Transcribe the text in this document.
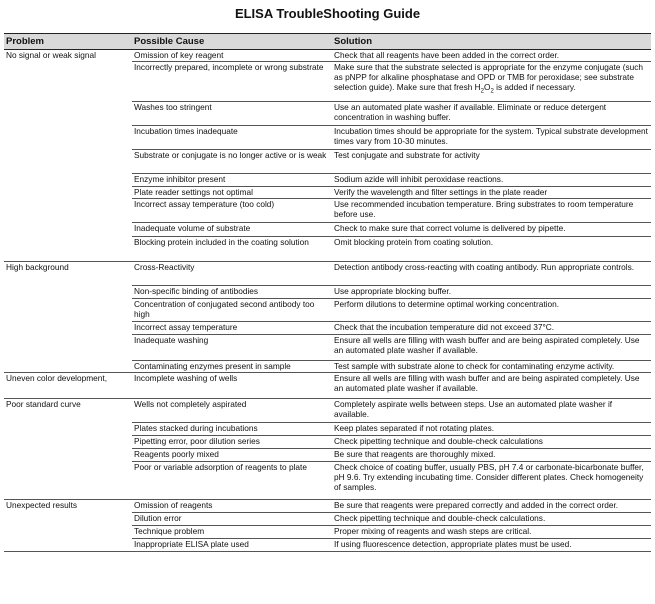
ELISA TroubleShooting Guide
Problem	Possible Cause	Solution
No signal or weak signal	Omission of key reagent	Check that all reagents have been added in the correct order.
	Incorrectly prepared, incomplete or wrong substrate	Make sure that the substrate selected is appropriate for the enzyme conjugate (such as pNPP for alkaline phosphatase and OPD or TMB for peroxidase; see substrate selection guide). Make sure that fresh $H_2O_2$ is added if necessary.
	Washes too stringent	Use an automated plate washer if available. Eliminate or reduce detergent concentration in washing buffer.
	Incubation times inadequate	Incubation times should be appropriate for the system. Typical substrate development times vary from 10-30 minutes.
	Substrate or conjugate is no longer active or is weak	Test conjugate and substrate for activity
	Enzyme inhibitor present	Sodium azide will inhibit peroxidase reactions.
	Plate reader settings not optimal	Verify the wavelength and filter settings in the plate reader
	Incorrect assay temperature (too cold)	Use recommended incubation temperature. Bring substrates to room temperature before use.
	Inadequate volume of substrate	Check to make sure that correct volume is delivered by pipette.
	Blocking protein included in the coating solution	Omit blocking protein from coating solution.
High background	Cross-Reactivity	Detection antibody cross-reacting with coating antibody. Run appropriate controls.
	Non-specific binding of antibodies	Use appropriate blocking buffer.
	Concentration of conjugated second antibody too high	Perform dilutions to determine optimal working concentration.
	Incorrect assay temperature	Check that the incubation temperature did not exceed 37°C.
	Inadequate washing	Ensure all wells are filling with wash buffer and are being aspirated completely. Use an automated plate washer if available.
	Contaminating enzymes present in sample	Test sample with substrate alone to check for contaminating enzyme activity.
Uneven color development,	Incomplete washing of wells	Ensure all wells are filling with wash buffer and are being aspirated completely. Use an automated plate washer if available.
Poor standard curve	Wells not completely aspirated	Completely aspirate wells between steps. Use an automated plate washer if available.
	Plates stacked during incubations	Keep plates separated if not rotating plates.
	Pipetting error, poor dilution series	Check pipetting technique and double-check calculations
	Reagents poorly mixed	Be sure that reagents are thoroughly mixed.
	Poor or variable adsorption of reagents to plate	Check choice of coating buffer, usually PBS, pH 7.4 or carbonate-bicarbonate buffer, pH 9.6. Try extending incubating time. Consider different plates. Check homogeneity of samples.
Unexpected results	Omission of reagents	Be sure that reagents were prepared correctly and added in the correct order.
	Dilution error	Check pipetting technique and double-check calculations.
	Technique problem	Proper mixing of reagents and wash steps are critical.
	Inappropriate ELISA plate used	If using fluorescence detection, appropriate plates must be used.
